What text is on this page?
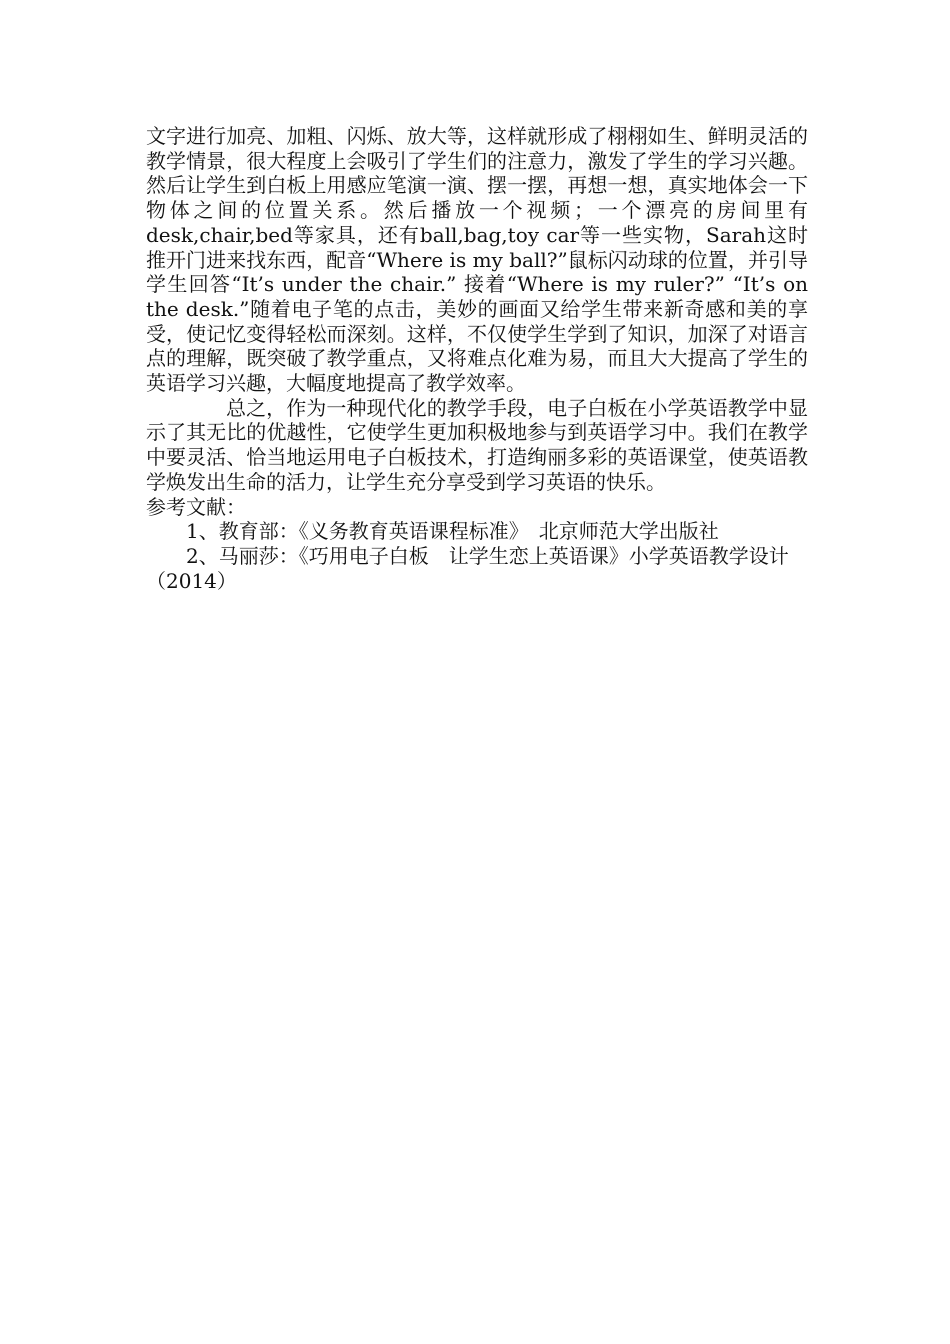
文字进行加亮、加粗、闪烁、放大等，这样就形成了栩栩如生、鲜明灵活的教学情景，很大程度上会吸引了学生们的注意力，激发了学生的学习兴趣。然后让学生到白板上用感应笔演一演、摆一摆，再想一想，真实地体会一下物体之间的位置关系。然后播放一个视频；一个漂亮的房间里有desk,chair,bed等家具，还有ball,bag,toy car等一些实物，Sarah这时推开门进来找东西，配音“Where is my ball?”鼠标闪动球的位置，并引导学生回答“It’s under the chair.” 接着“Where is my ruler?” “It’s on the desk.”随着电子笔的点击，美妙的画面又给学生带来新奇感和美的享受，使记忆变得轻松而深刻。这样，不仅使学生学到了知识，加深了对语言点的理解，既突破了教学重点，又将难点化难为易，而且大大提高了学生的英语学习兴趣，大幅度地提高了教学效率。

总之，作为一种现代化的教学手段，电子白板在小学英语教学中显示了其无比的优越性，它使学生更加积极地参与到英语学习中。我们在教学中要灵活、恰当地运用电子白板技术，打造绚丽多彩的英语课堂，使英语教学焕发出生命的活力，让学生充分享受到学习英语的快乐。

参考文献：

1、教育部：《义务教育英语课程标准》　北京师范大学出版社

2、马丽莎：《巧用电子白板　让学生恋上英语课》小学英语教学设计（2014）
